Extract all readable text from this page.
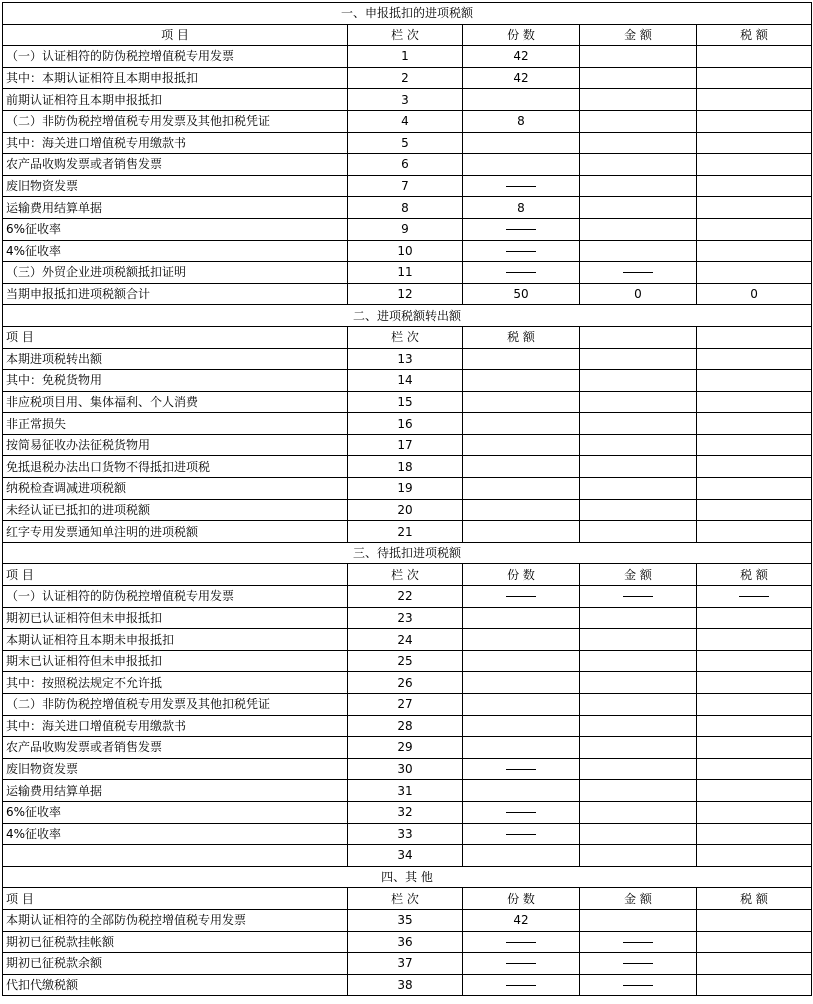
一、申报抵扣的进项税额				
项 目	栏 次	份 数	金 额	税 额
（一）认证相符的防伪税控增值税专用发票	1	42		
其中：本期认证相符且本期申报抵扣	2	42		
前期认证相符且本期申报抵扣	3			
（二）非防伪税控增值税专用发票及其他扣税凭证	4	8		
其中：海关进口增值税专用缴款书	5			
农产品收购发票或者销售发票	6			
废旧物资发票	7			
运输费用结算单据	8	8		
6%征收率	9			
4%征收率	10			
（三）外贸企业进项税额抵扣证明	11			
当期申报抵扣进项税额合计	12	50	0	0
二、进项税额转出额				
项 目	栏 次	税 额		
本期进项税转出额	13			
其中：免税货物用	14			
非应税项目用、集体福利、个人消费	15			
非正常损失	16			
按简易征收办法征税货物用	17			
免抵退税办法出口货物不得抵扣进项税	18			
纳税检查调减进项税额	19			
未经认证已抵扣的进项税额	20			
红字专用发票通知单注明的进项税额	21			
三、待抵扣进项税额				
项 目	栏 次	份 数	金 额	税 额
（一）认证相符的防伪税控增值税专用发票	22			
期初已认证相符但未申报抵扣	23			
本期认证相符且本期未申报抵扣	24			
期末已认证相符但未申报抵扣	25			
其中：按照税法规定不允许抵	26			
（二）非防伪税控增值税专用发票及其他扣税凭证	27			
其中：海关进口增值税专用缴款书	28			
农产品收购发票或者销售发票	29			
废旧物资发票	30			
运输费用结算单据	31			
6%征收率	32			
4%征收率	33			
	34			
四、其 他				
项 目	栏 次	份 数	金 额	税 额
本期认证相符的全部防伪税控增值税专用发票	35	42		
期初已征税款挂帐额	36			
期初已征税款余额	37			
代扣代缴税额	38			
